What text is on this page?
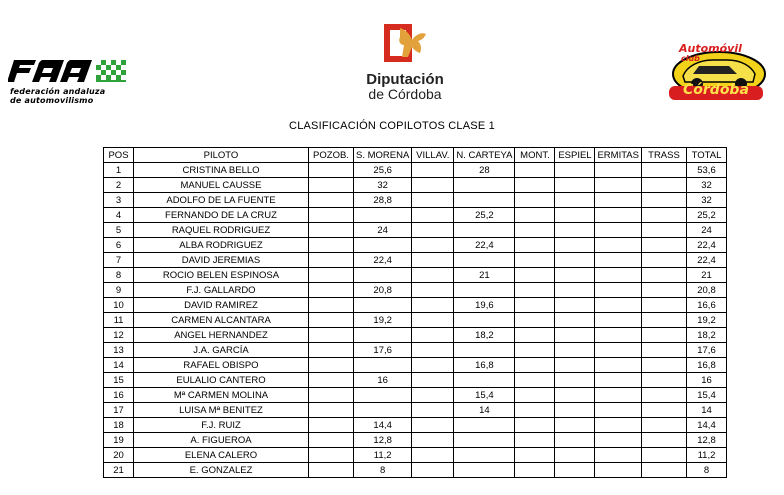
federación andaluza
de automovilismo
Diputación
de Córdoba
Automóvil
club
Córdoba
CLASIFICACIÓN COPILOTOS CLASE 1
POS	PILOTO	POZOB.	S. MORENA	VILLAV.	N. CARTEYA	MONT.	ESPIEL	ERMITAS	TRASS	TOTAL
1	CRISTINA BELLO		25,6		28					53,6
2	MANUEL CAUSSE		32							32
3	ADOLFO DE LA FUENTE		28,8							32
4	FERNANDO DE LA CRUZ				25,2					25,2
5	RAQUEL RODRIGUEZ		24							24
6	ALBA RODRIGUEZ				22,4					22,4
7	DAVID JEREMIAS		22,4							22,4
8	ROCIO BELEN ESPINOSA				21					21
9	F.J. GALLARDO		20,8							20,8
10	DAVID RAMIREZ				19,6					16,6
11	CARMEN ALCANTARA		19,2							19,2
12	ANGEL HERNANDEZ				18,2					18,2
13	J.A. GARCÍA		17,6							17,6
14	RAFAEL OBISPO				16,8					16,8
15	EULALIO CANTERO		16							16
16	Mª CARMEN MOLINA				15,4					15,4
17	LUISA Mª BENITEZ				14					14
18	F.J. RUIZ		14,4							14,4
19	A. FIGUEROA		12,8							12,8
20	ELENA CALERO		11,2							11,2
21	E. GONZALEZ		8							8
